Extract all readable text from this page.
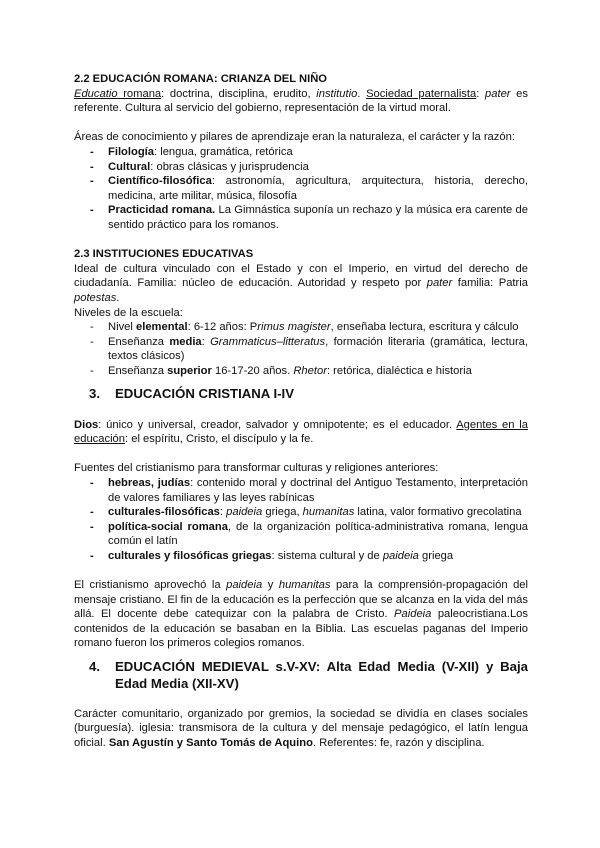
2.2 EDUCACIÓN ROMANA: CRIANZA DEL NIÑO

Educatio romana: doctrina, disciplina, erudito, institutio. Sociedad paternalista: pater es referente. Cultura al servicio del gobierno, representación de la virtud moral.

Áreas de conocimiento y pilares de aprendizaje eran la naturaleza, el carácter y la razón:

- Filología: lengua, gramática, retórica
- Cultural: obras clásicas y jurisprudencia
- Científico-filosófica: astronomía, agricultura, arquitectura, historia, derecho, medicina, arte militar, música, filosofía
- Practicidad romana. La Gimnástica suponía un rechazo y la música era carente de sentido práctico para los romanos.

2.3 INSTITUCIONES EDUCATIVAS

Ideal de cultura vinculado con el Estado y con el Imperio, en virtud del derecho de ciudadanía. Familia: núcleo de educación. Autoridad y respeto por pater familia: Patria potestas.

Niveles de la escuela:

- Nivel elemental: 6-12 años: Primus magister, enseñaba lectura, escritura y cálculo
- Enseñanza media: Grammaticus–litteratus, formación literaria (gramática, lectura, textos clásicos)
- Enseñanza superior 16-17-20 años. Rhetor: retórica, dialéctica e historia

3.	EDUCACIÓN CRISTIANA I-IV

Dios: único y universal, creador, salvador y omnipotente; es el educador. Agentes en la educación: el espíritu, Cristo, el discípulo y la fe.

Fuentes del cristianismo para transformar culturas y religiones anteriores:

- hebreas, judías: contenido moral y doctrinal del Antiguo Testamento, interpretación de valores familiares y las leyes rabínicas
- culturales-filosóficas: paideia griega, humanitas latina, valor formativo grecolatina
- política-social romana, de la organización política-administrativa romana, lengua común el latín
- culturales y filosóficas griegas: sistema cultural y de paideia griega

El cristianismo aprovechó la paideia y humanitas para la comprensión-propagación del mensaje cristiano. El fin de la educación es la perfección que se alcanza en la vida del más allá. El docente debe catequizar con la palabra de Cristo. Paideia paleocristiana.Los contenidos de la educación se basaban en la Biblia. Las escuelas paganas del Imperio romano fueron los primeros colegios romanos.

4.	EDUCACIÓN MEDIEVAL s.V-XV: Alta Edad Media (V-XII) y Baja Edad Media (XII-XV)

Carácter comunitario, organizado por gremios, la sociedad se dividía en clases sociales (burguesía). iglesia: transmisora de la cultura y del mensaje pedagógico, el latín lengua oficial. San Agustín y Santo Tomás de Aquino. Referentes: fe, razón y disciplina.
